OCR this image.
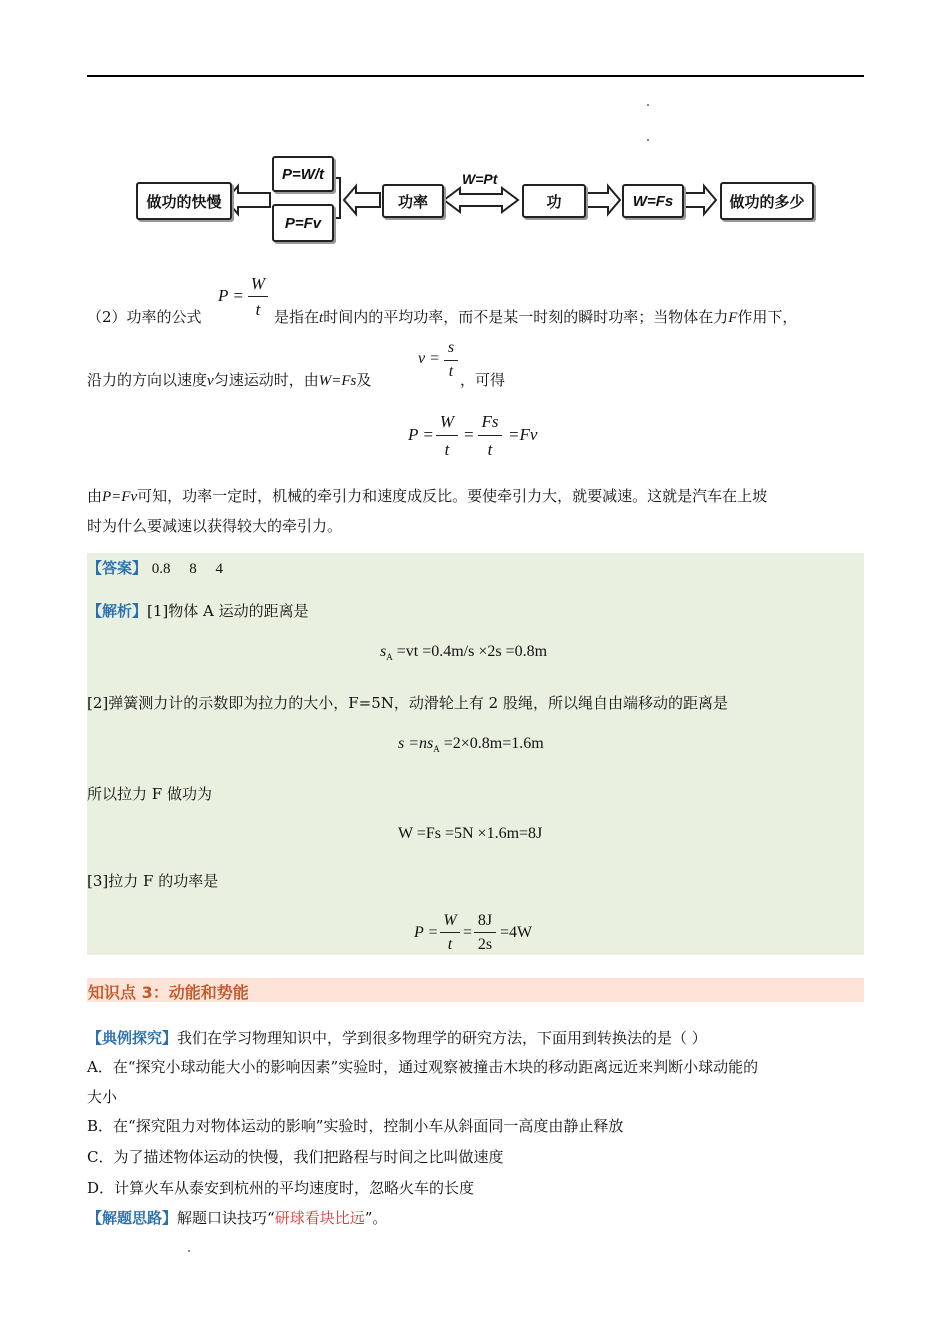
做功的快慢
P=W/t
P=Fv
功率
W=Pt
功	W=Fs	做功的多少
（2）功率的公式
P =
W
t 是指在t时间内的平均功率，而不是某一时刻的瞬时功率；当物体在力F作用下，
沿力的方向以速度v匀速运动时，由W=Fs及
v =
s
t ，可得
P =
W
t
=
Fs
t
=Fv
由P=Fv可知，功率一定时，机械的牵引力和速度成反比。要使牵引力大，就要减速。这就是汽车在上坡
时为什么要减速以获得较大的牵引力。
【答案】 0.8     8     4
【解析】[1]物体 A 运动的距离是
$s_A =vt =0.4m/s \times 2s =0.8m$
[2]弹簧测力计的示数即为拉力的大小，F=5N，动滑轮上有 2 股绳，所以绳自由端移动的距离是
$s =ns_A =2\times 0.8m=1.6m$
所以拉力 F 做功为
W =Fs =5N ×1.6m=8J
[3]拉力 F 的功率是
P =
W
t
=
8J
2s
=4W
知识点 3：动能和势能
【典例探究】我们在学习物理知识中，学到很多物理学的研究方法，下面用到转换法的是（ ）
A．在“探究小球动能大小的影响因素”实验时，通过观察被撞击木块的移动距离远近来判断小球动能的
大小
B．在“探究阻力对物体运动的影响”实验时，控制小车从斜面同一高度由静止释放
C．为了描述物体运动的快慢，我们把路程与时间之比叫做速度
D．计算火车从泰安到杭州的平均速度时，忽略火车的长度
【解题思路】解题口诀技巧“研球看块比远”。
